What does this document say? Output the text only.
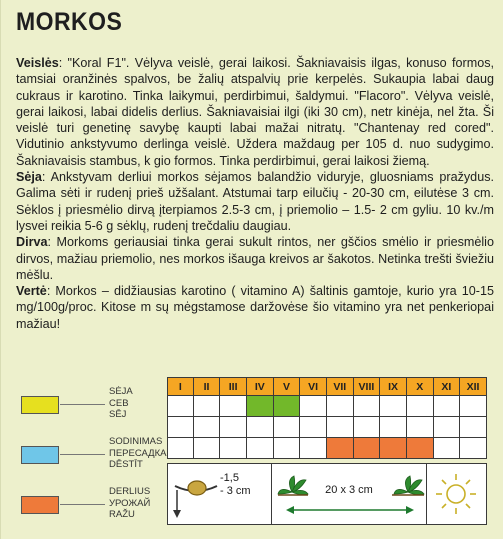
MORKOS

Veislės: "Koral F1". Vėlyva veislė, gerai laikosi. Šakniavaisis ilgas, konuso formos, tamsiai oranžinės spalvos, be žalių atspalvių prie kerpelės. Sukaupia labai daug cukraus ir karotino. Tinka laikymui, perdirbimui, šaldymui. "Flacoro". Vėlyva veislė, gerai laikosi, labai didelis derlius. Šakniavaisiai ilgi (iki 30 cm), netr kinėja, nel žta. Ši veislė turi genetinę savybę kaupti labai mažai nitratų. "Chantenay red cored". Vidutinio ankstyvumo derlinga veislė. Uždera maždaug per 105 d. nuo sudygimo. Šakniavaisis stambus, k gio formos. Tinka perdirbimui, gerai laikosi žiemą.

Sėja: Ankstyvam derliui morkos sėjamos balandžio viduryje, gluosniams pražydus. Galima sėti ir rudenį prieš užšalant. Atstumai tarp eilučių - 20-30 cm, eilutėse 3 cm. Sėklos į priesmėlio dirvą įterpiamos 2.5-3 cm, į priemolio – 1.5- 2 cm gyliu. 10 kv./m lysvei reikia 5-6 g sėklų, rudenį trečdaliu daugiau.

Dirva: Morkoms geriausiai tinka gerai sukult rintos, ner gščios smėlio ir priesmėlio dirvos, mažiau priemolio, nes morkos išauga kreivos ar šakotos. Netinka trešti šviežiu mėšlu.

Vertė: Morkos – didžiausias karotino ( vitamino A) šaltinis gamtoje, kurio yra 10-15 mg/100g/proc. Kitose m sų mėgstamose daržovėse šio vitamino yra net penkeriopai mažiau!

SĖJA
СЕВ
SĒJ
SODINIMAS
ПЕРЕСАДКА
DĒSTĪT
DERLIUS
УРОЖАЙ
RAŽU
I	II	III	IV	V	VI	VII	VIII	IX	X	XI	XII
-1,5
- 3 cm	20 x 3 cm
